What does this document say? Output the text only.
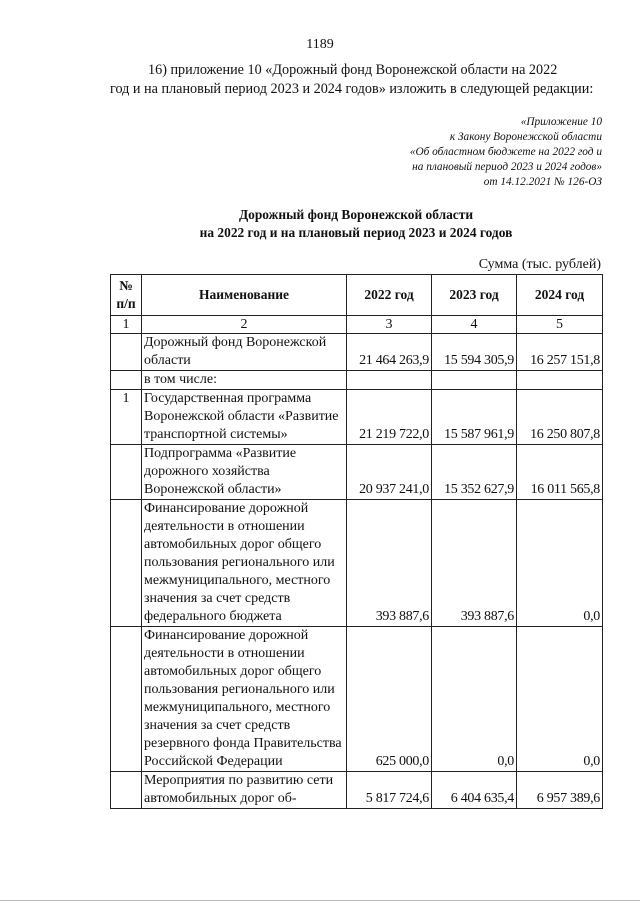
1189
16) приложение 10 «Дорожный фонд Воронежской области на 2022
год и на плановый период 2023 и 2024 годов» изложить в следующей редакции:
«Приложение 10
к Закону Воронежской области
«Об областном бюджете на 2022 год и
на плановый период 2023 и 2024 годов»
от 14.12.2021 № 126-ОЗ
Дорожный фонд Воронежской области
на 2022 год и на плановый период 2023 и 2024 годов
Сумма (тыс. рублей)
№ п/п	Наименование	2022 год	2023 год	2024 год
1	2	3	4	5
	Дорожный фонд Воронежской области	21 464 263,9	15 594 305,9	16 257 151,8
	в том числе:			
1	Государственная программа Воронежской области «Развитие транспортной системы»	21 219 722,0	15 587 961,9	16 250 807,8
	Подпрограмма «Развитие дорожного хозяйства Воронежской области»	20 937 241,0	15 352 627,9	16 011 565,8
	Финансирование дорожной деятельности в отношении автомобильных дорог общего пользования регионального или межмуниципального, местного значения за счет средств федерального бюджета	393 887,6	393 887,6	0,0
	Финансирование дорожной деятельности в отношении автомобильных дорог общего пользования регионального или межмуниципального, местного значения за счет средств резервного фонда Правительства Российской Федерации	625 000,0	0,0	0,0
	Мероприятия по развитию сети автомобильных дорог об-	5 817 724,6	6 404 635,4	6 957 389,6
